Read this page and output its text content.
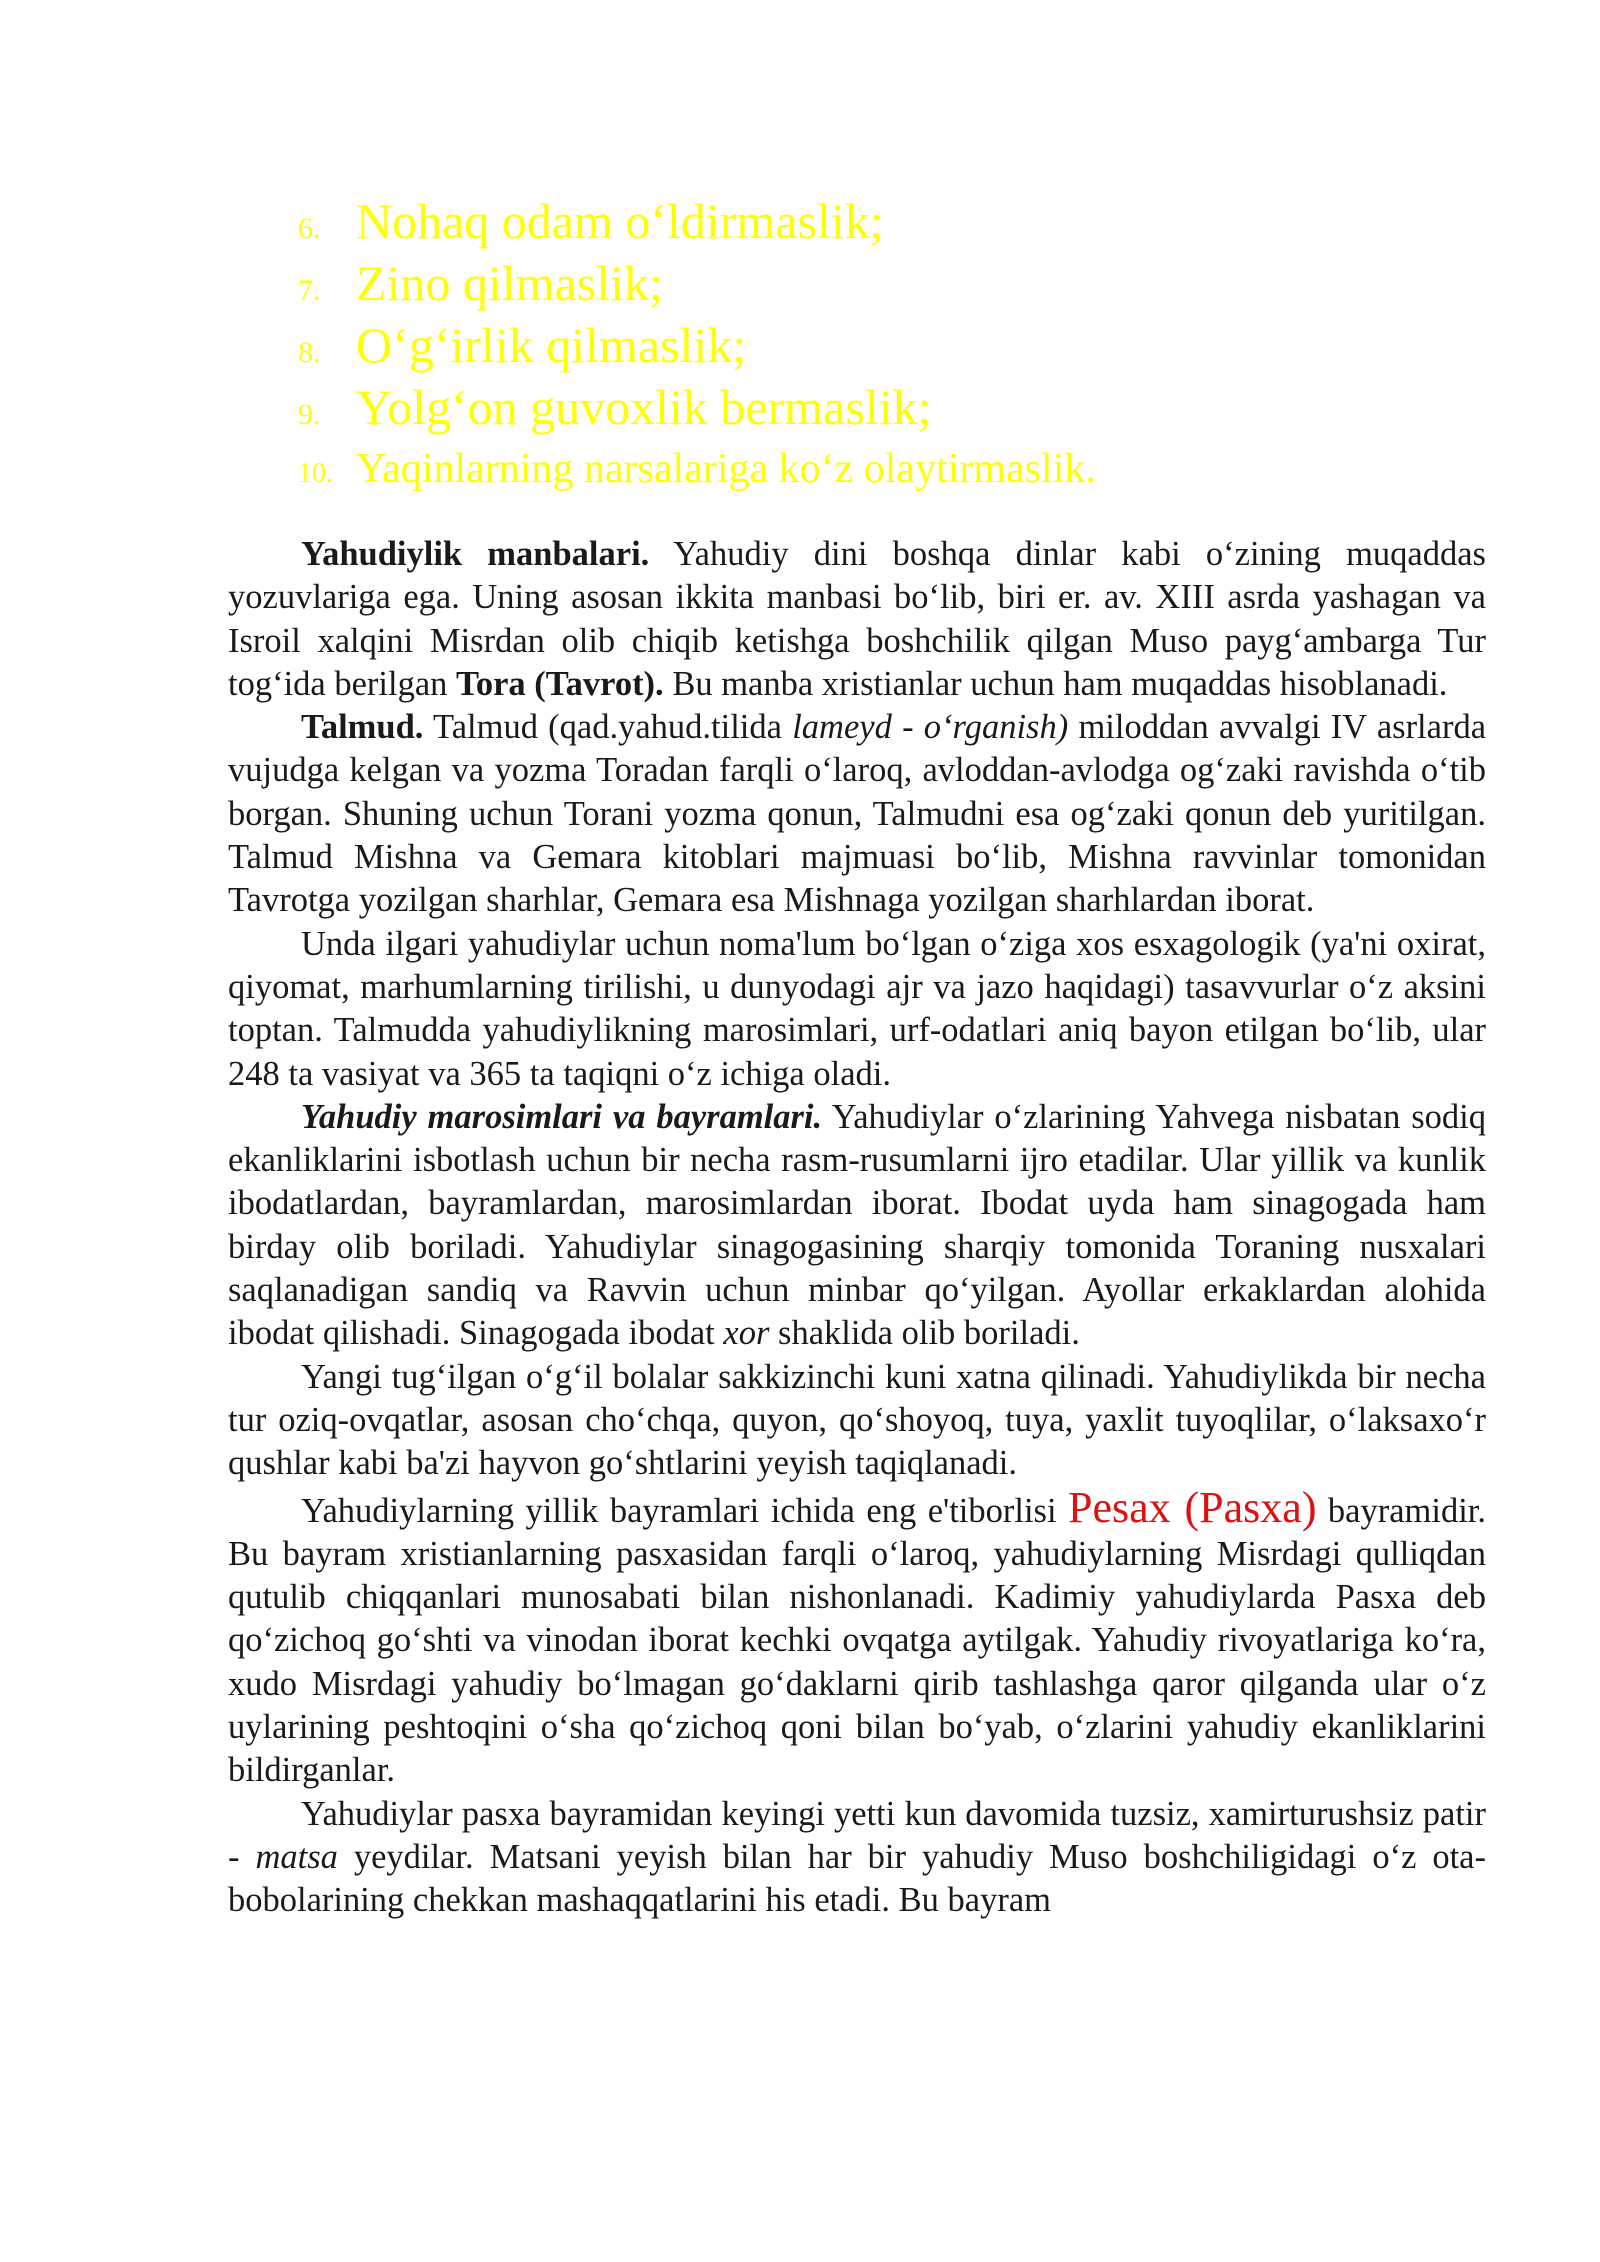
6. Nohaq odam o‘ldirmaslik;
7. Zino qilmaslik;
8. O‘g‘irlik qilmaslik;
9. Yolg‘on guvoxlik bermaslik;
10. Yaqinlarning narsalariga ko‘z olaytirmaslik.

Yahudiylik manbalari. Yahudiy dini boshqa dinlar kabi o‘zining muqaddas yozuvlariga ega. Uning asosan ikkita manbasi bo‘lib, biri er. av. XIII asrda yashagan va Isroil xalqini Misrdan olib chiqib ketishga boshchilik qilgan Muso payg‘ambarga Tur tog‘ida berilgan Tora (Tavrot). Bu manba xristianlar uchun ham muqaddas hisoblanadi.

Talmud. Talmud (qad.yahud.tilida lameyd - o‘rganish) miloddan avvalgi IV asrlarda vujudga kelgan va yozma Toradan farqli o‘laroq, avloddan-avlodga og‘zaki ravishda o‘tib borgan. Shuning uchun Torani yozma qonun, Talmudni esa og‘zaki qonun deb yuritilgan. Talmud Mishna va Gemara kitoblari majmuasi bo‘lib, Mishna ravvinlar tomonidan Tavrotga yozilgan sharhlar, Gemara esa Mishnaga yozilgan sharhlardan iborat.

Unda ilgari yahudiylar uchun noma'lum bo‘lgan o‘ziga xos esxagologik (ya'ni oxirat, qiyomat, marhumlarning tirilishi, u dunyodagi ajr va jazo haqidagi) tasavvurlar o‘z aksini toptan. Talmudda yahudiylikning marosimlari, urf-odatlari aniq bayon etilgan bo‘lib, ular 248 ta vasiyat va 365 ta taqiqni o‘z ichiga oladi.

Yahudiy marosimlari va bayramlari. Yahudiylar o‘zlarining Yahvega nisbatan sodiq ekanliklarini isbotlash uchun bir necha rasm-rusumlarni ijro etadilar. Ular yillik va kunlik ibodatlardan, bayramlardan, marosimlardan iborat. Ibodat uyda ham sinagogada ham birday olib boriladi. Yahudiylar sinagogasining sharqiy tomonida Toraning nusxalari saqlanadigan sandiq va Ravvin uchun minbar qo‘yilgan. Ayollar erkaklardan alohida ibodat qilishadi. Sinagogada ibodat xor shaklida olib boriladi.

Yangi tug‘ilgan o‘g‘il bolalar sakkizinchi kuni xatna qilinadi. Yahudiylikda bir necha tur oziq-ovqatlar, asosan cho‘chqa, quyon, qo‘shoyoq, tuya, yaxlit tuyoqlilar, o‘laksaxo‘r qushlar kabi ba'zi hayvon go‘shtlarini yeyish taqiqlanadi.

Yahudiylarning yillik bayramlari ichida eng e'tiborlisi Pesax (Pasxa) bayramidir. Bu bayram xristianlarning pasxasidan farqli o‘laroq, yahudiylarning Misrdagi qulliqdan qutulib chiqqanlari munosabati bilan nishonlanadi. Kadimiy yahudiylarda Pasxa deb qo‘zichoq go‘shti va vinodan iborat kechki ovqatga aytilgak. Yahudiy rivoyatlariga ko‘ra, xudo Misrdagi yahudiy bo‘lmagan go‘daklarni qirib tashlashga qaror qilganda ular o‘z uylarining peshtoqini o‘sha qo‘zichoq qoni bilan bo‘yab, o‘zlarini yahudiy ekanliklarini bildirganlar.

Yahudiylar pasxa bayramidan keyingi yetti kun davomida tuzsiz, xamirturushsiz patir - matsa yeydilar. Matsani yeyish bilan har bir yahudiy Muso boshchiligidagi o‘z ota-bobolarining chekkan mashaqqatlarini his etadi. Bu bayram
